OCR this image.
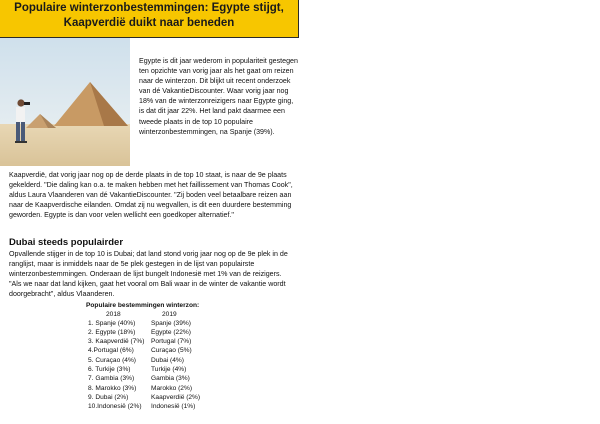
Populaire winterzonbestemmingen: Egypte stijgt,
Kaapverdië duikt naar beneden
Egypte is dit jaar wederom in populariteit gestegen ten opzichte van vorig jaar als het gaat om reizen naar de winterzon. Dit blijkt uit recent onderzoek van dé VakantieDiscounter. Waar vorig jaar nog 18% van de winterzonreizigers naar Egypte ging, is dat dit jaar 22%. Het land pakt daarmee een tweede plaats in de top 10 populaire winterzonbestemmingen, na Spanje (39%).
Kaapverdië, dat vorig jaar nog op de derde plaats in de top 10 staat, is naar de 9e plaats gekelderd. "Die daling kan o.a. te maken hebben met het faillissement van Thomas Cook", aldus Laura Vlaanderen van dé VakantieDiscounter. "Zij boden veel betaalbare reizen aan naar de Kaapverdische eilanden. Omdat zij nu wegvallen, is dit een duurdere bestemming geworden. Egypte is dan voor velen wellicht een goedkoper alternatief."
Dubai steeds populairder
Opvallende stijger in de top 10 is Dubai; dat land stond vorig jaar nog op de 9e plek in de ranglijst, maar is inmiddels naar de 5e plek gestegen in de lijst van populairste winterzonbestemmingen. Onderaan de lijst bungelt Indonesië met 1% van de reizigers. "Als we naar dat land kijken, gaat het vooral om Bali waar in de winter de vakantie wordt doorgebracht", aldus Vlaanderen.
Populaire bestemmingen winterzon:
2018	2019
1. Spanje (40%)
2. Egypte (18%)
3. Kaapverdië (7%)
4.Portugal (6%)
5. Curaçao (4%)
6. Turkije (3%)
7. Gambia (3%)
8. Marokko (3%)
9. Dubai (2%)
10.Indonesië (2%)
Spanje (39%)
Egypte (22%)
Portugal (7%)
Curaçao (5%)
Dubai (4%)
Turkije (4%)
Gambia (3%)
Marokko (2%)
Kaapverdië (2%)
Indonesië (1%)
